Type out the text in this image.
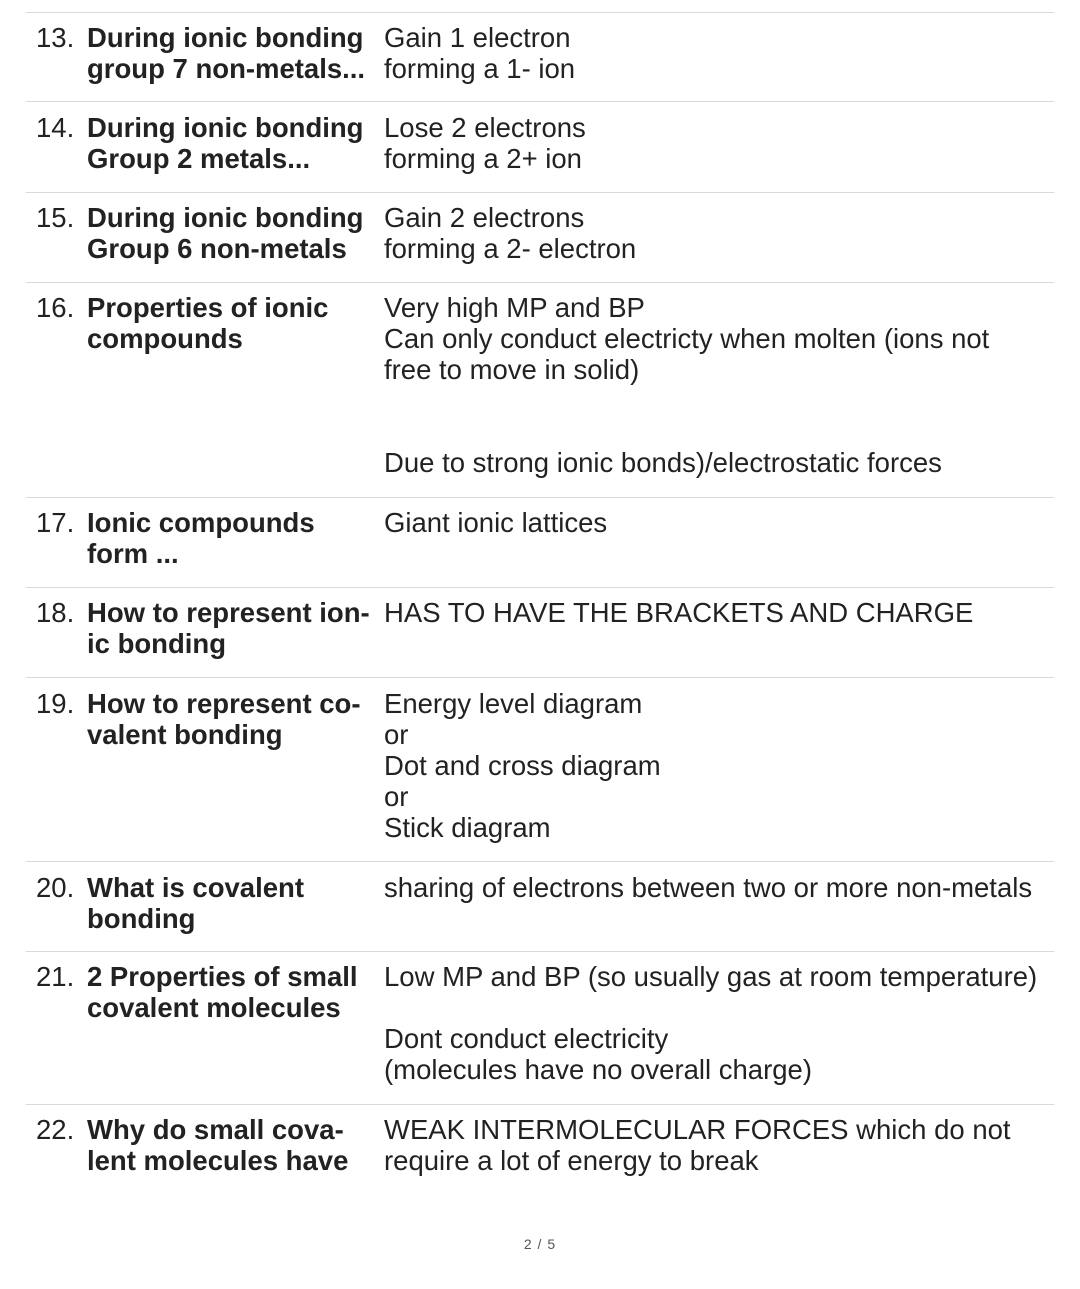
13. During ionic bonding
group 7 non-metals...
Gain 1 electron
forming a 1- ion
14. During ionic bonding
Group 2 metals...
Lose 2 electrons
forming a 2+ ion
15. During ionic bonding
Group 6 non-metals
Gain 2 electrons
forming a 2- electron
16. Properties of ionic
compounds
Very high MP and BP
Can only conduct electricty when molten (ions not
free to move in solid)
Due to strong ionic bonds)/electrostatic forces
17. Ionic compounds
form ...
Giant ionic lattices
18. How to represent ion-
ic bonding
HAS TO HAVE THE BRACKETS AND CHARGE
19. How to represent co-
valent bonding
Energy level diagram
or
Dot and cross diagram
or
Stick diagram
20. What is covalent
bonding
sharing of electrons between two or more non-metals
21. 2 Properties of small
covalent molecules
Low MP and BP (so usually gas at room temperature)
Dont conduct electricity
(molecules have no overall charge)
22. Why do small cova-
lent molecules have
WEAK INTERMOLECULAR FORCES which do not
require a lot of energy to break
2 / 5
